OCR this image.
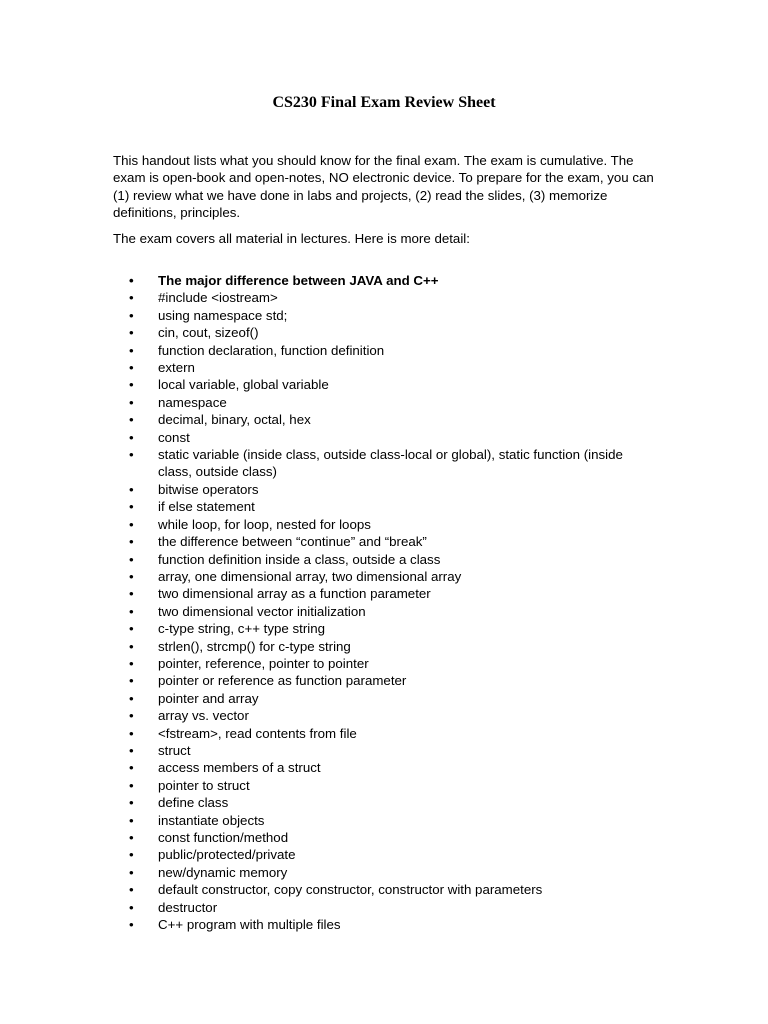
CS230 Final Exam Review Sheet

This handout lists what you should know for the final exam. The exam is cumulative. The exam is open-book and open-notes, NO electronic device. To prepare for the exam, you can (1) review what we have done in labs and projects, (2) read the slides, (3) memorize definitions, principles.

The exam covers all material in lectures. Here is more detail:

•	The major difference between JAVA and C++
•	#include <iostream>
•	using namespace std;
•	cin, cout, sizeof()
•	function declaration, function definition
•	extern
•	local variable, global variable
•	namespace
•	decimal, binary, octal, hex
•	const
•	static variable (inside class, outside class-local or global), static function (inside class, outside class)
•	bitwise operators
•	if else statement
•	while loop, for loop, nested for loops
•	the difference between “continue” and “break”
•	function definition inside a class, outside a class
•	array, one dimensional array, two dimensional array
•	two dimensional array as a function parameter
•	two dimensional vector initialization
•	c-type string, c++ type string
•	strlen(), strcmp() for c-type string
•	pointer, reference, pointer to pointer
•	pointer or reference as function parameter
•	pointer and array
•	array vs. vector
•	<fstream>, read contents from file
•	struct
•	access members of a struct
•	pointer to struct
•	define class
•	instantiate objects
•	const function/method
•	public/protected/private
•	new/dynamic memory
•	default constructor, copy constructor, constructor with parameters
•	destructor
•	C++ program with multiple files
